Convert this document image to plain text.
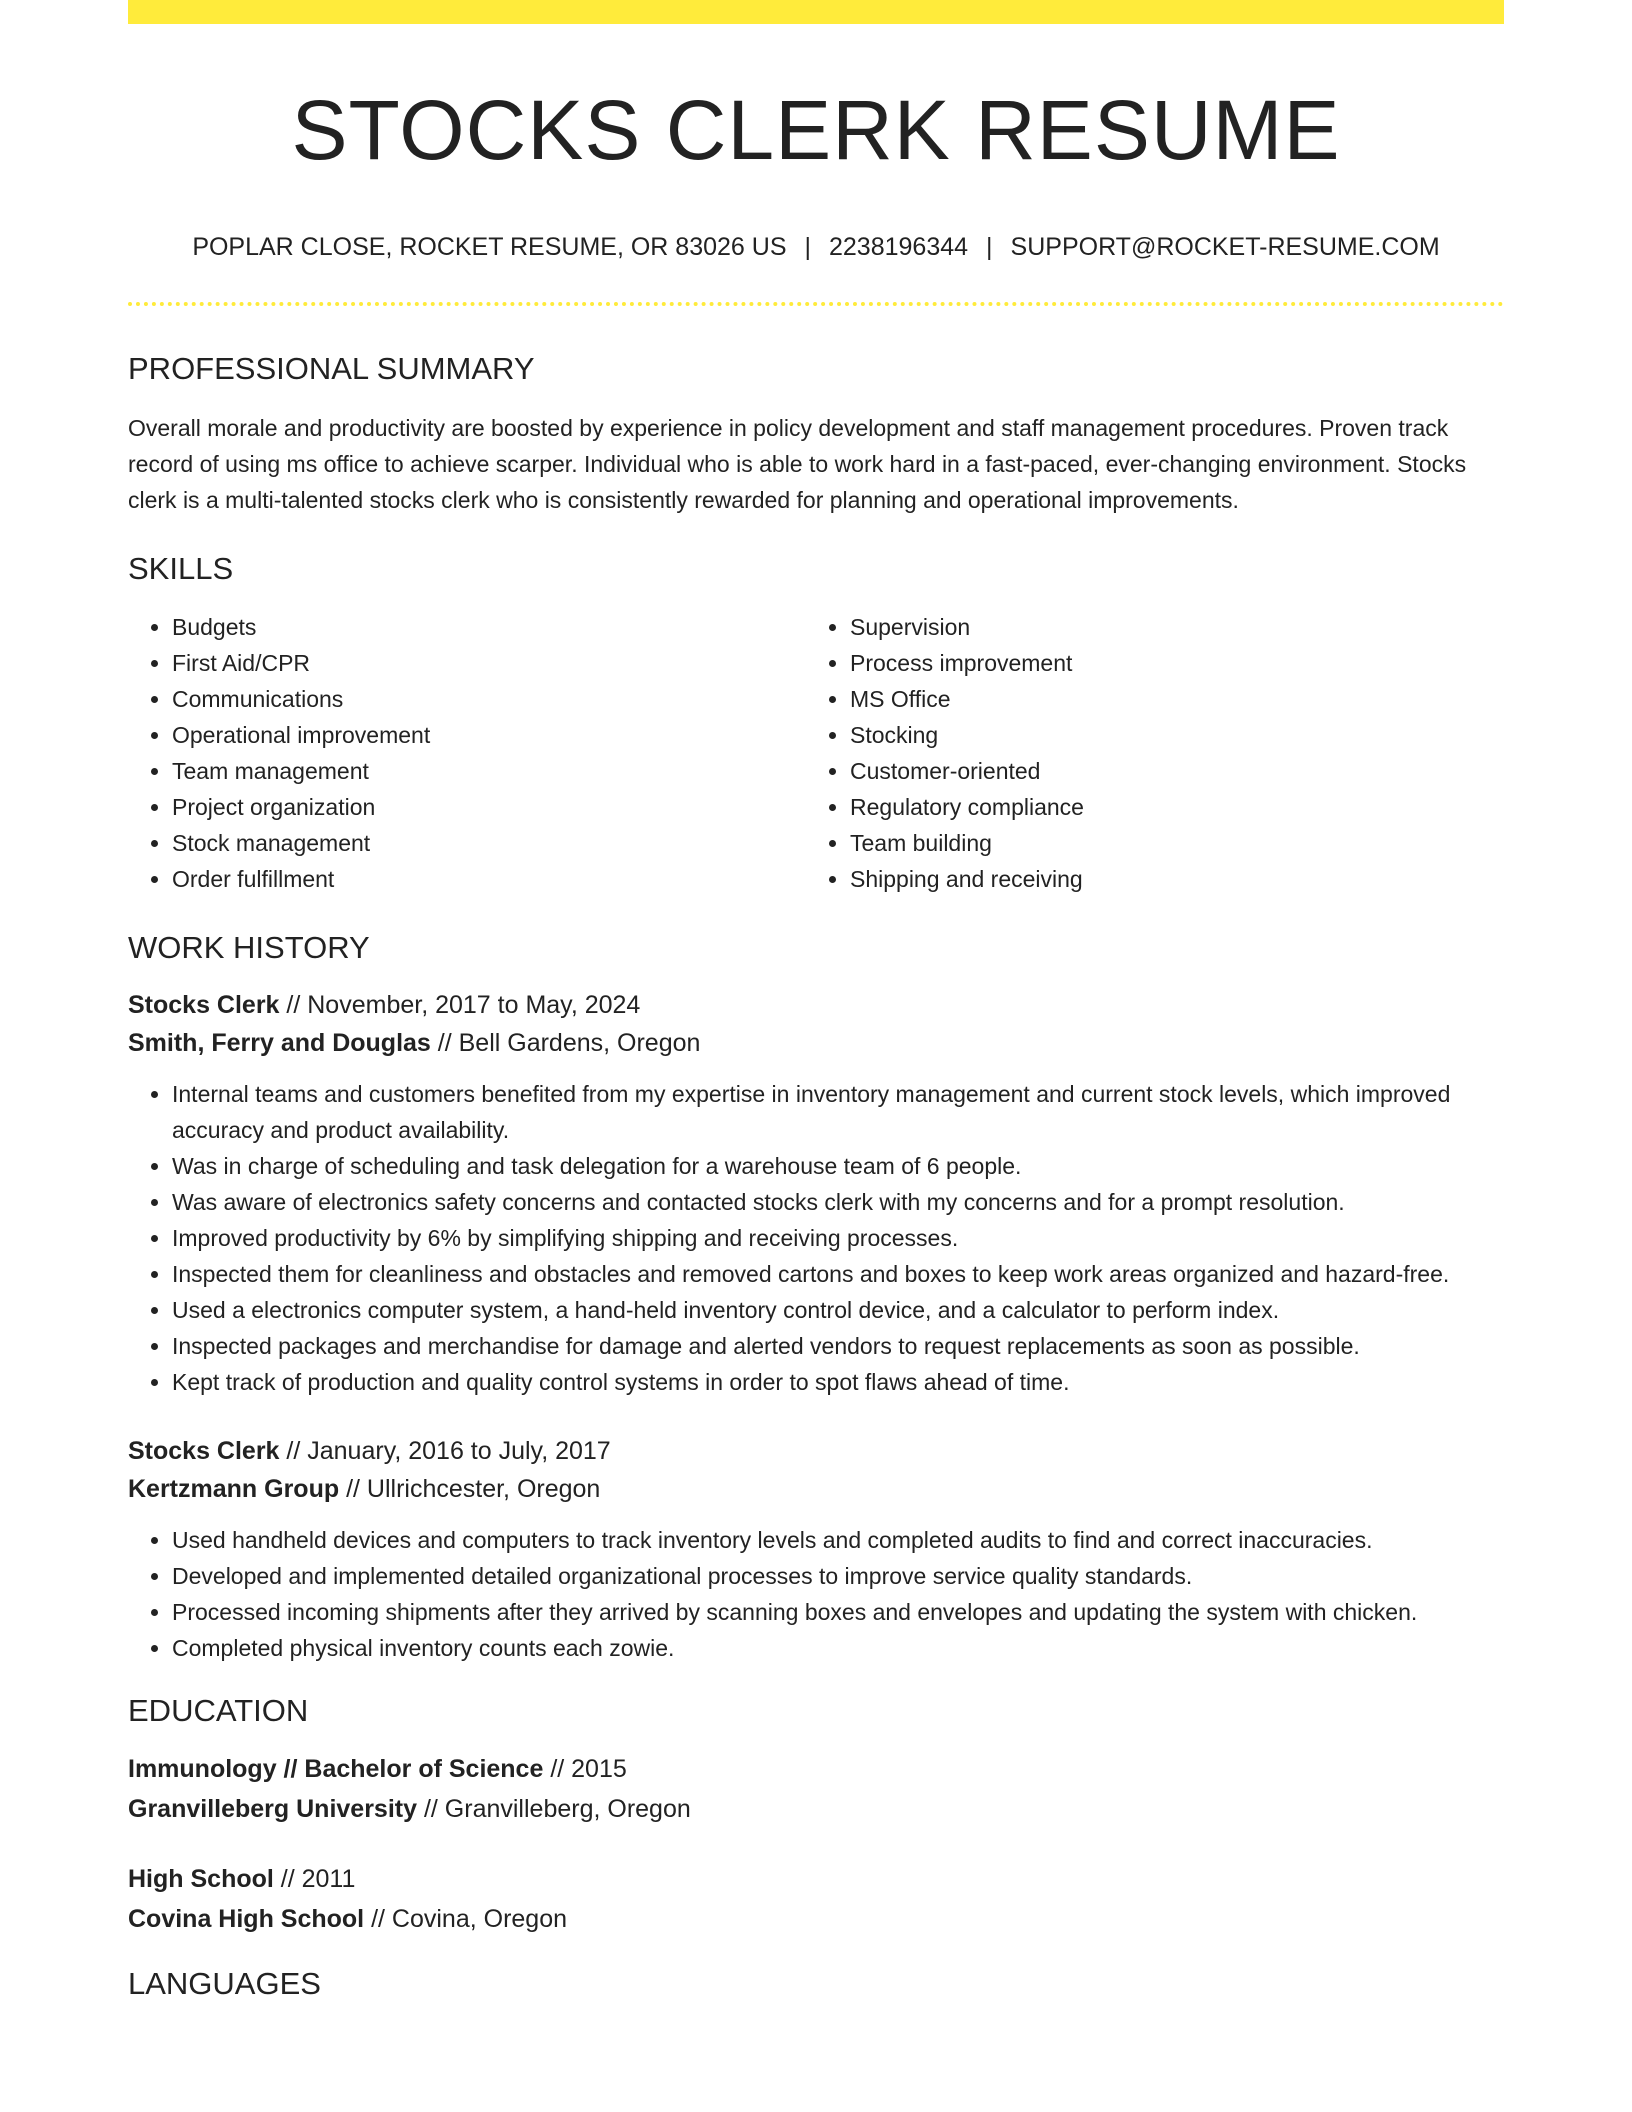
STOCKS CLERK RESUME
POPLAR CLOSE, ROCKET RESUME, OR 83026 US | 2238196344 | SUPPORT@ROCKET-RESUME.COM
PROFESSIONAL SUMMARY
Overall morale and productivity are boosted by experience in policy development and staff management procedures. Proven track record of using ms office to achieve scarper. Individual who is able to work hard in a fast-paced, ever-changing environment. Stocks clerk is a multi-talented stocks clerk who is consistently rewarded for planning and operational improvements.
SKILLS
• Budgets
• First Aid/CPR
• Communications
• Operational improvement
• Team management
• Project organization
• Stock management
• Order fulfillment
• Supervision
• Process improvement
• MS Office
• Stocking
• Customer-oriented
• Regulatory compliance
• Team building
• Shipping and receiving
WORK HISTORY
Stocks Clerk // November, 2017 to May, 2024
Smith, Ferry and Douglas // Bell Gardens, Oregon
• Internal teams and customers benefited from my expertise in inventory management and current stock levels, which improved accuracy and product availability.
• Was in charge of scheduling and task delegation for a warehouse team of 6 people.
• Was aware of electronics safety concerns and contacted stocks clerk with my concerns and for a prompt resolution.
• Improved productivity by 6% by simplifying shipping and receiving processes.
• Inspected them for cleanliness and obstacles and removed cartons and boxes to keep work areas organized and hazard-free.
• Used a electronics computer system, a hand-held inventory control device, and a calculator to perform index.
• Inspected packages and merchandise for damage and alerted vendors to request replacements as soon as possible.
• Kept track of production and quality control systems in order to spot flaws ahead of time.
Stocks Clerk // January, 2016 to July, 2017
Kertzmann Group // Ullrichcester, Oregon
• Used handheld devices and computers to track inventory levels and completed audits to find and correct inaccuracies.
• Developed and implemented detailed organizational processes to improve service quality standards.
• Processed incoming shipments after they arrived by scanning boxes and envelopes and updating the system with chicken.
• Completed physical inventory counts each zowie.
EDUCATION
Immunology // Bachelor of Science // 2015
Granvilleberg University // Granvilleberg, Oregon
High School // 2011
Covina High School // Covina, Oregon
LANGUAGES
